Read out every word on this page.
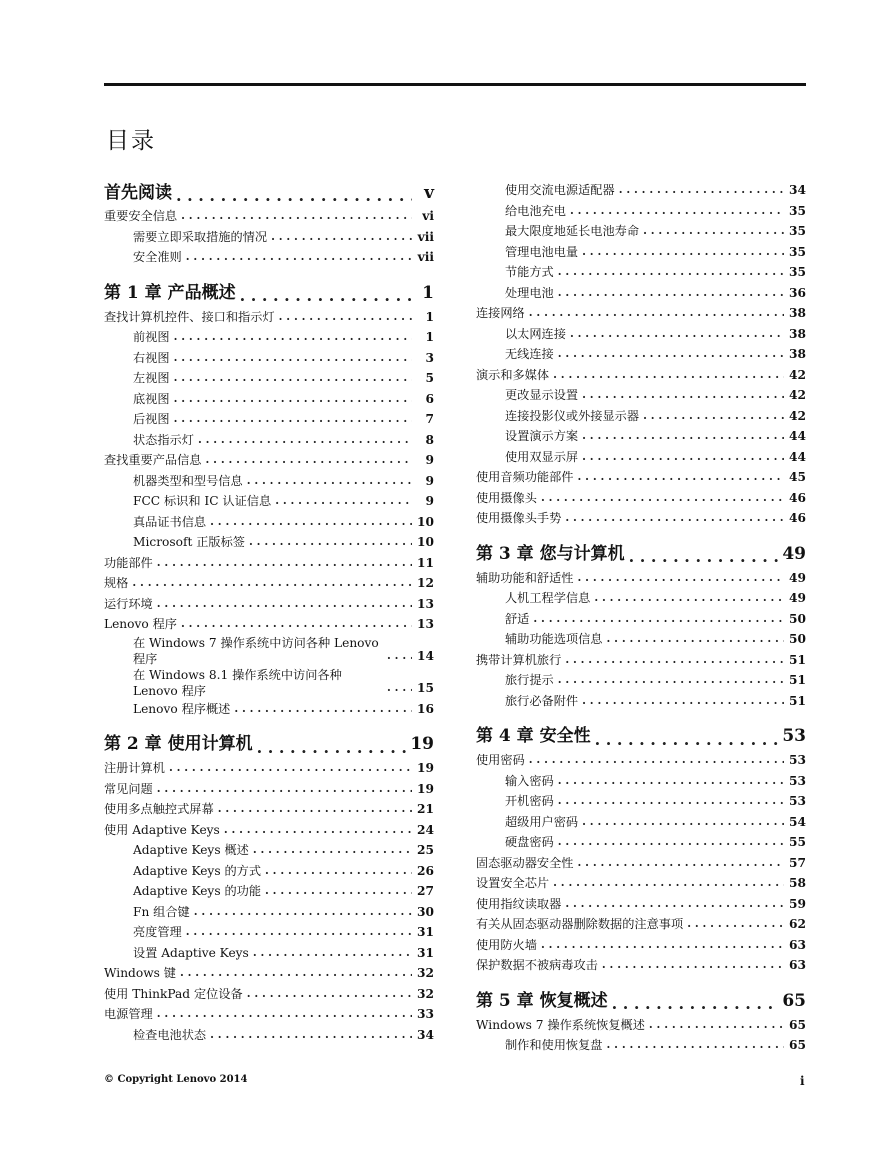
目录
首先阅读 . . .	v
重要安全信息 . . .	vi
需要立即采取措施的情况 . . .	vii
安全准则 . . .	vii
第 1 章 产品概述 . . .	1
查找计算机控件、接口和指示灯 . . .	1
前视图 . . .	1
右视图 . . .	3
左视图 . . .	5
底视图 . . .	6
后视图 . . .	7
状态指示灯 . . .	8
查找重要产品信息 . . .	9
机器类型和型号信息 . . .	9
FCC 标识和 IC 认证信息 . . .	9
真品证书信息 . . .	10
Microsoft 正版标签 . . .	10
功能部件 . . .	11
规格 . . .	12
运行环境 . . .	13
Lenovo 程序 . . .	13
在 Windows 7 操作系统中访问各种 Lenovo 程序 . . .	14
在 Windows 8.1 操作系统中访问各种 Lenovo 程序 . . .	15
Lenovo 程序概述 . . .	16
第 2 章 使用计算机 . . .	19
注册计算机 . . .	19
常见问题 . . .	19
使用多点触控式屏幕 . . .	21
使用 Adaptive Keys . . .	24
Adaptive Keys 概述 . . .	25
Adaptive Keys 的方式 . . .	26
Adaptive Keys 的功能 . . .	27
Fn 组合键 . . .	30
亮度管理 . . .	31
设置 Adaptive Keys . . .	31
Windows 键 . . .	32
使用 ThinkPad 定位设备 . . .	32
电源管理 . . .	33
检查电池状态 . . .	34
使用交流电源适配器 . . .	34
给电池充电 . . .	35
最大限度地延长电池寿命 . . .	35
管理电池电量 . . .	35
节能方式 . . .	35
处理电池 . . .	36
连接网络 . . .	38
以太网连接 . . .	38
无线连接 . . .	38
演示和多媒体 . . .	42
更改显示设置 . . .	42
连接投影仪或外接显示器 . . .	42
设置演示方案 . . .	44
使用双显示屏 . . .	44
使用音频功能部件 . . .	45
使用摄像头 . . .	46
使用摄像头手势 . . .	46
第 3 章 您与计算机 . . .	49
辅助功能和舒适性 . . .	49
人机工程学信息 . . .	49
舒适 . . .	50
辅助功能选项信息 . . .	50
携带计算机旅行 . . .	51
旅行提示 . . .	51
旅行必备附件 . . .	51
第 4 章 安全性 . . .	53
使用密码 . . .	53
输入密码 . . .	53
开机密码 . . .	53
超级用户密码 . . .	54
硬盘密码 . . .	55
固态驱动器安全性 . . .	57
设置安全芯片 . . .	58
使用指纹读取器 . . .	59
有关从固态驱动器删除数据的注意事项 . . .	62
使用防火墙 . . .	63
保护数据不被病毒攻击 . . .	63
第 5 章 恢复概述 . . .	65
Windows 7 操作系统恢复概述 . . .	65
制作和使用恢复盘 . . .	65
© Copyright Lenovo 2014	i
